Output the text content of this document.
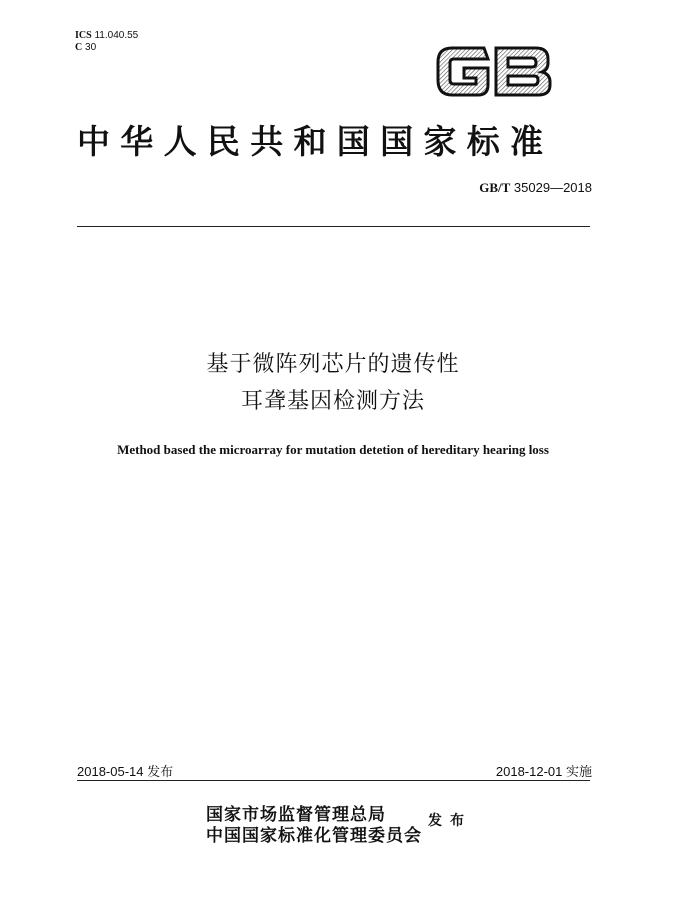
ICS 11.040.55
C 30
中华人民共和国国家标准
GB/T 35029—2018
基于微阵列芯片的遗传性
耳聋基因检测方法
Method based the microarray for mutation detetion of hereditary hearing loss
2018-05-14 发布	2018-12-01 实施
国家市场监督管理总局
中国国家标准化管理委员会
发布
